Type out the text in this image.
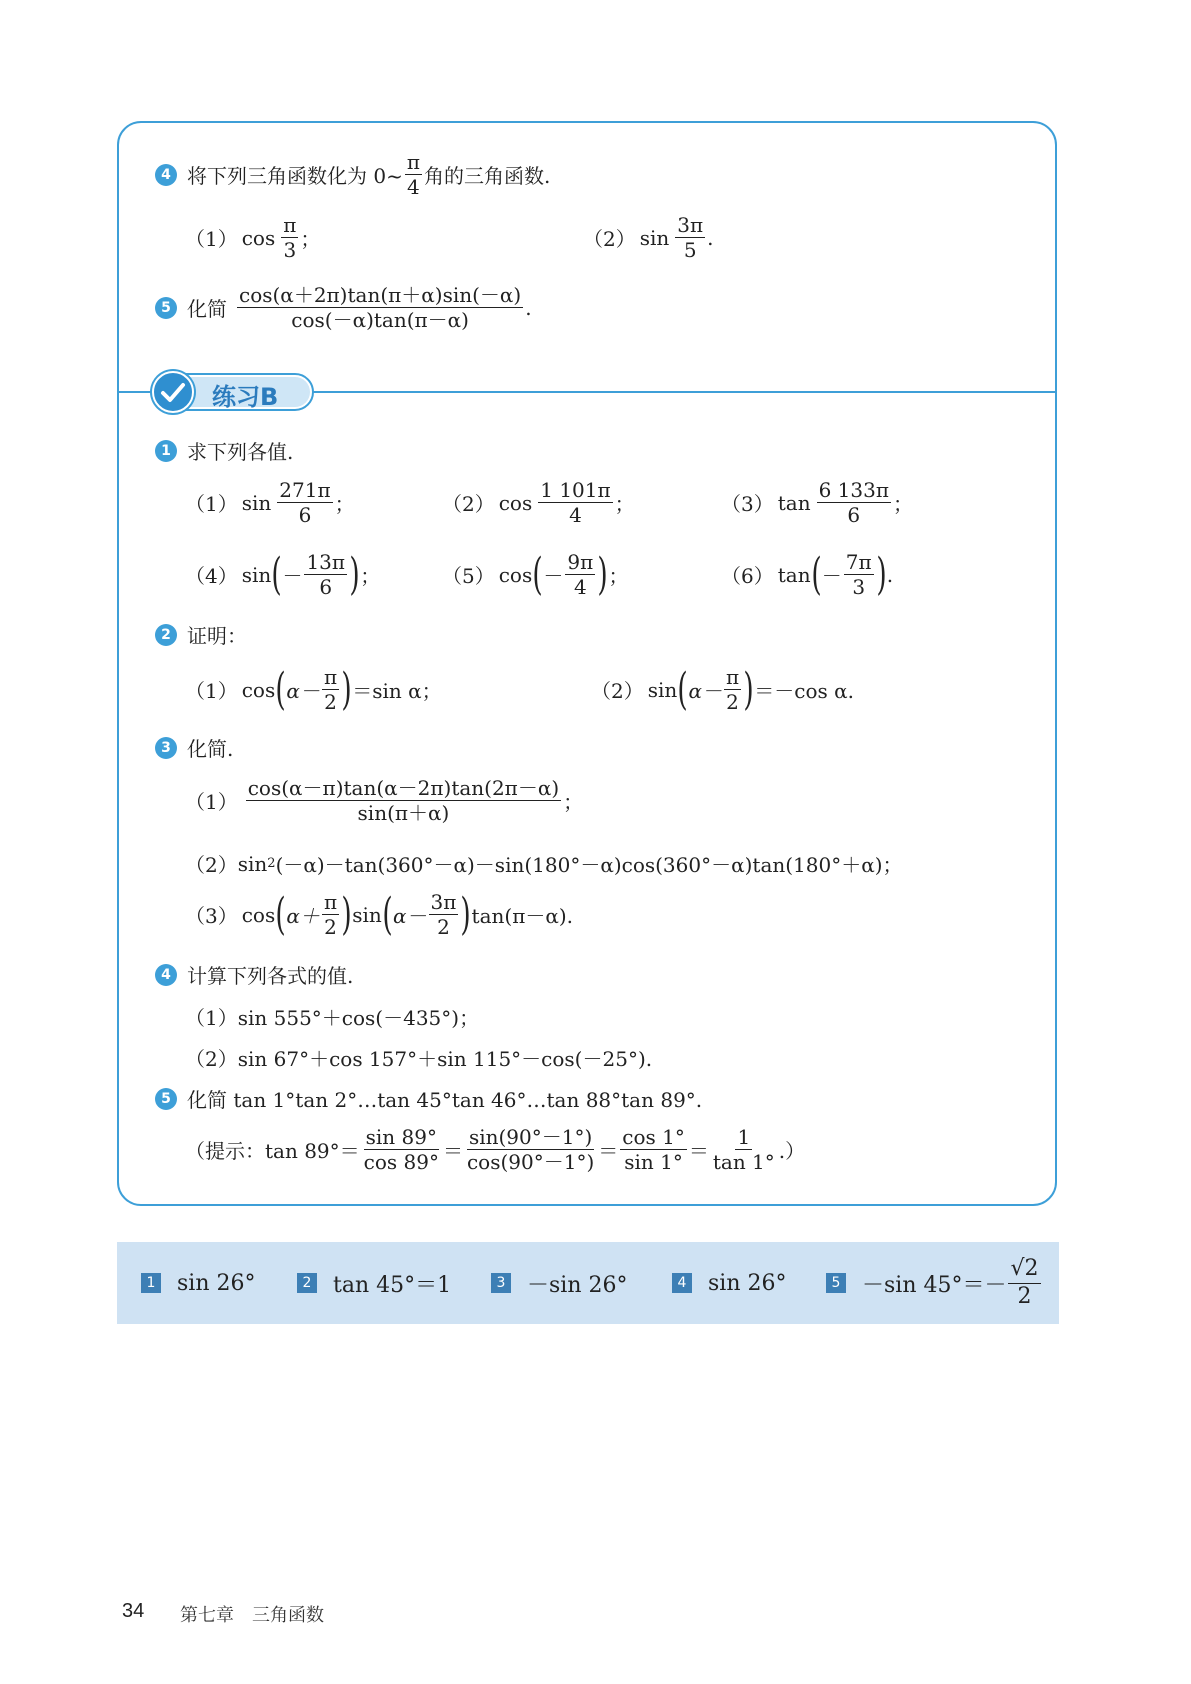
4 将下列三角函数化为 0~ $\frac{\pi}{4}$ 角的三角函数.
（1） $\cos \frac{\pi}{3}$ ；	（2） $\sin \frac{3\pi}{5}$ .
5 化简 $\frac{\cos(\alpha+2\pi)\tan(\pi+\alpha)\sin(-\alpha)}{\cos(-\alpha)\tan(\pi-\alpha)}$ .
练习B
1 求下列各值.
（1） $\sin \frac{271\pi}{6}$ ；	（2） $\cos \frac{1 101\pi}{4}$ ；	（3） $\tan \frac{6 133\pi}{6}$ ；
（4） sin ( － $\frac{13\pi}{6}$ ) ；	（5） cos ( － $\frac{9\pi}{4}$ ) ；	（6） tan ( － $\frac{7\pi}{3}$ ) .
2 证明：
（1） cos ( $\alpha- \frac{\pi}{2}$ ) ＝sin α；	（2） sin ( $\alpha- \frac{\pi}{2}$ ) ＝－cos α.
3 化简.
$(1) \frac{\cos(\alpha-\pi)\tan(\alpha-2\pi)\tan(2\pi-\alpha)}{\sin(\pi+\alpha)}$ ；
（2） sin 2 (－α)－tan(360°－α)－sin(180°－α)cos(360°－α)tan(180°＋α)；
（3） cos ( $\alpha+ \frac{\pi}{2}$ ) sin ( $\alpha- \frac{3\pi}{2}$ ) tan(π－α).
4 计算下列各式的值.
（1）sin 555°＋cos(－435°)；
（2）sin 67°＋cos 157°＋sin 115°－cos(－25°).
5 化简 tan 1°tan 2°…tan 45°tan 46°…tan 88°tan 89°.
（提示：$\tan 89^\circ= \frac{\sin 89^\circ}{\cos 89^\circ} = \frac{\sin(90^\circ-1^\circ)}{\cos(90^\circ-1^\circ)} = \frac{\cos 1^\circ}{\sin 1^\circ} = \frac{1}{\tan 1^\circ}$ .）
1 sin 26°	2 tan 45°＝1	3 －sin 26°	4 sin 26°	5 －sin $45^\circ=- \frac{√2}{2}$
34 第七章　三角函数
